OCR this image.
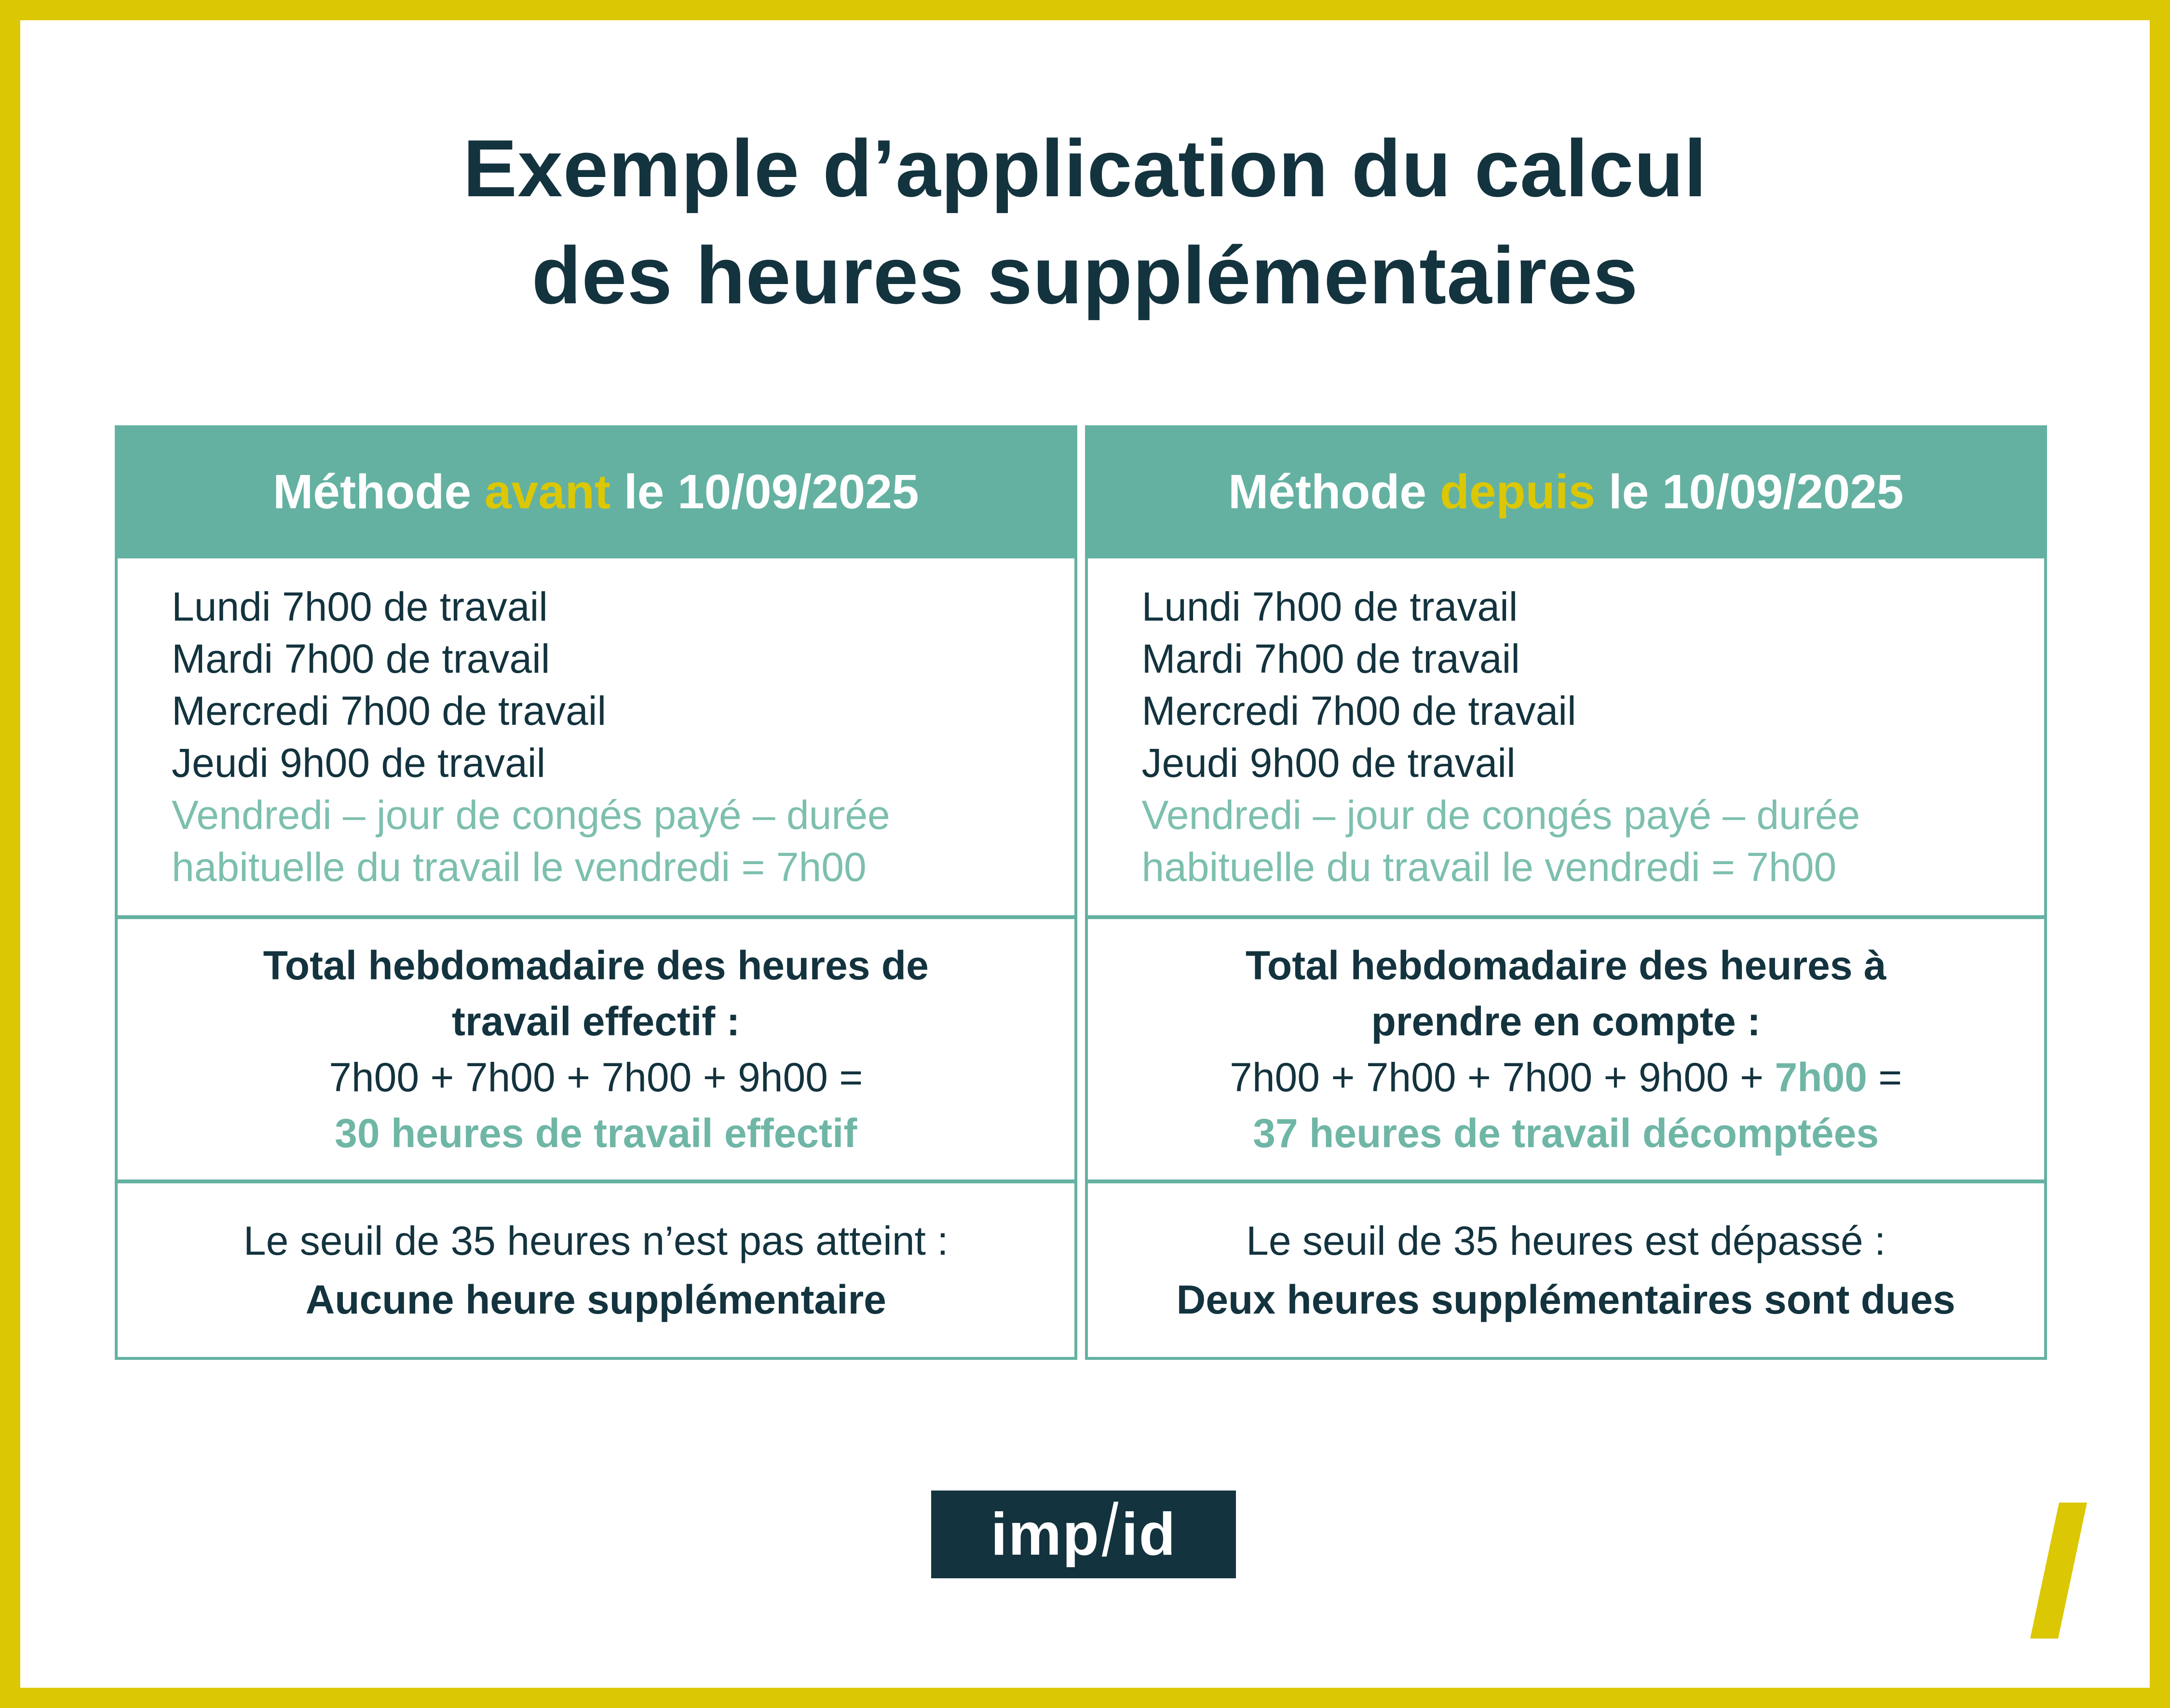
Exemple d’application du calcul
des heures supplémentaires
Méthode avant le 10/09/2025
Lundi 7h00 de travail
Mardi 7h00 de travail
Mercredi 7h00 de travail
Jeudi 9h00 de travail
Vendredi – jour de congés payé – durée
habituelle du travail le vendredi = 7h00
Total hebdomadaire des heures de
travail effectif :
7h00 + 7h00 + 7h00 + 9h00 =
30 heures de travail effectif
Le seuil de 35 heures n’est pas atteint :
Aucune heure supplémentaire
Méthode depuis le 10/09/2025
Lundi 7h00 de travail
Mardi 7h00 de travail
Mercredi 7h00 de travail
Jeudi 9h00 de travail
Vendredi – jour de congés payé – durée
habituelle du travail le vendredi = 7h00
Total hebdomadaire des heures à
prendre en compte :
7h00 + 7h00 + 7h00 + 9h00 + 7h00 =
37 heures de travail décomptées
Le seuil de 35 heures est dépassé :
Deux heures supplémentaires sont dues
imp / id
